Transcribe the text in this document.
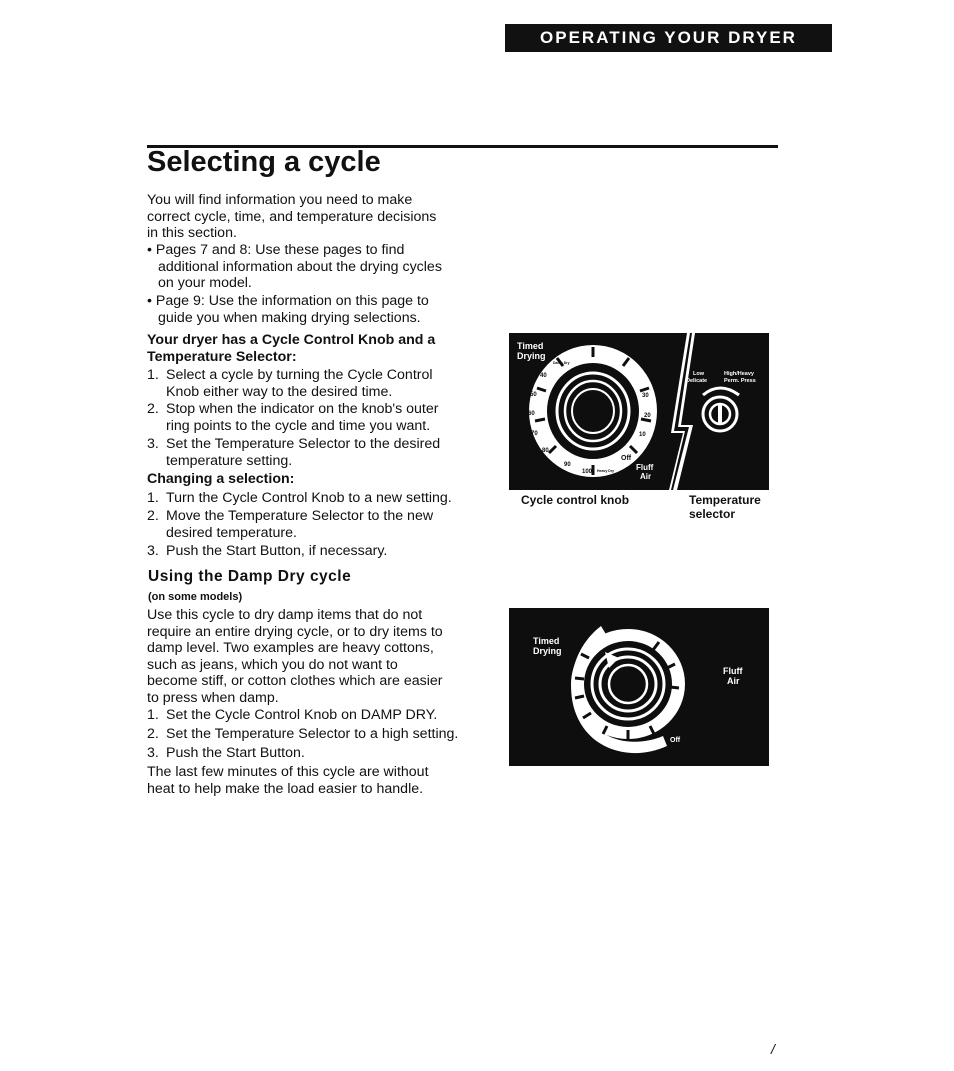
OPERATING YOUR DRYER
Selecting a cycle
You will find information you need to make
correct cycle, time, and temperature decisions
in this section.
• Pages 7 and 8: Use these pages to find
additional information about the drying cycles
on your model.
• Page 9: Use the information on this page to
guide you when making drying selections.
Your dryer has a Cycle Control Knob and a
Temperature Selector:
1. Select a cycle by turning the Cycle Control
Knob either way to the desired time.
2. Stop when the indicator on the knob's outer
ring points to the cycle and time you want.
3. Set the Temperature Selector to the desired
temperature setting.
Changing a selection:
1. Turn the Cycle Control Knob to a new setting.
2. Move the Temperature Selector to the new
desired temperature.
3. Push the Start Button, if necessary.
Using the Damp Dry cycle
(on some models)
Use this cycle to dry damp items that do not
require an entire drying cycle, or to dry items to
damp level. Two examples are heavy cottons,
such as jeans, which you do not want to
become stiff, or cotton clothes which are easier
to press when damp.
1. Set the Cycle Control Knob on DAMP DRY.
2. Set the Temperature Selector to a high setting.
3. Push the Start Button.
The last few minutes of this cycle are without
heat to help make the load easier to handle.
20 10
Off
30
20
10
Off
40
50
60
70
80
90
100
Tumble
Damp Dry
Cool Down
Heavy Dry
Timed
Drying
Fluff
Air
Low
Delicate
High/Heavy
Perm. Press
Cycle control knob	Temperature
selector
Timed
Drying
Fluff
Air
Off
/
